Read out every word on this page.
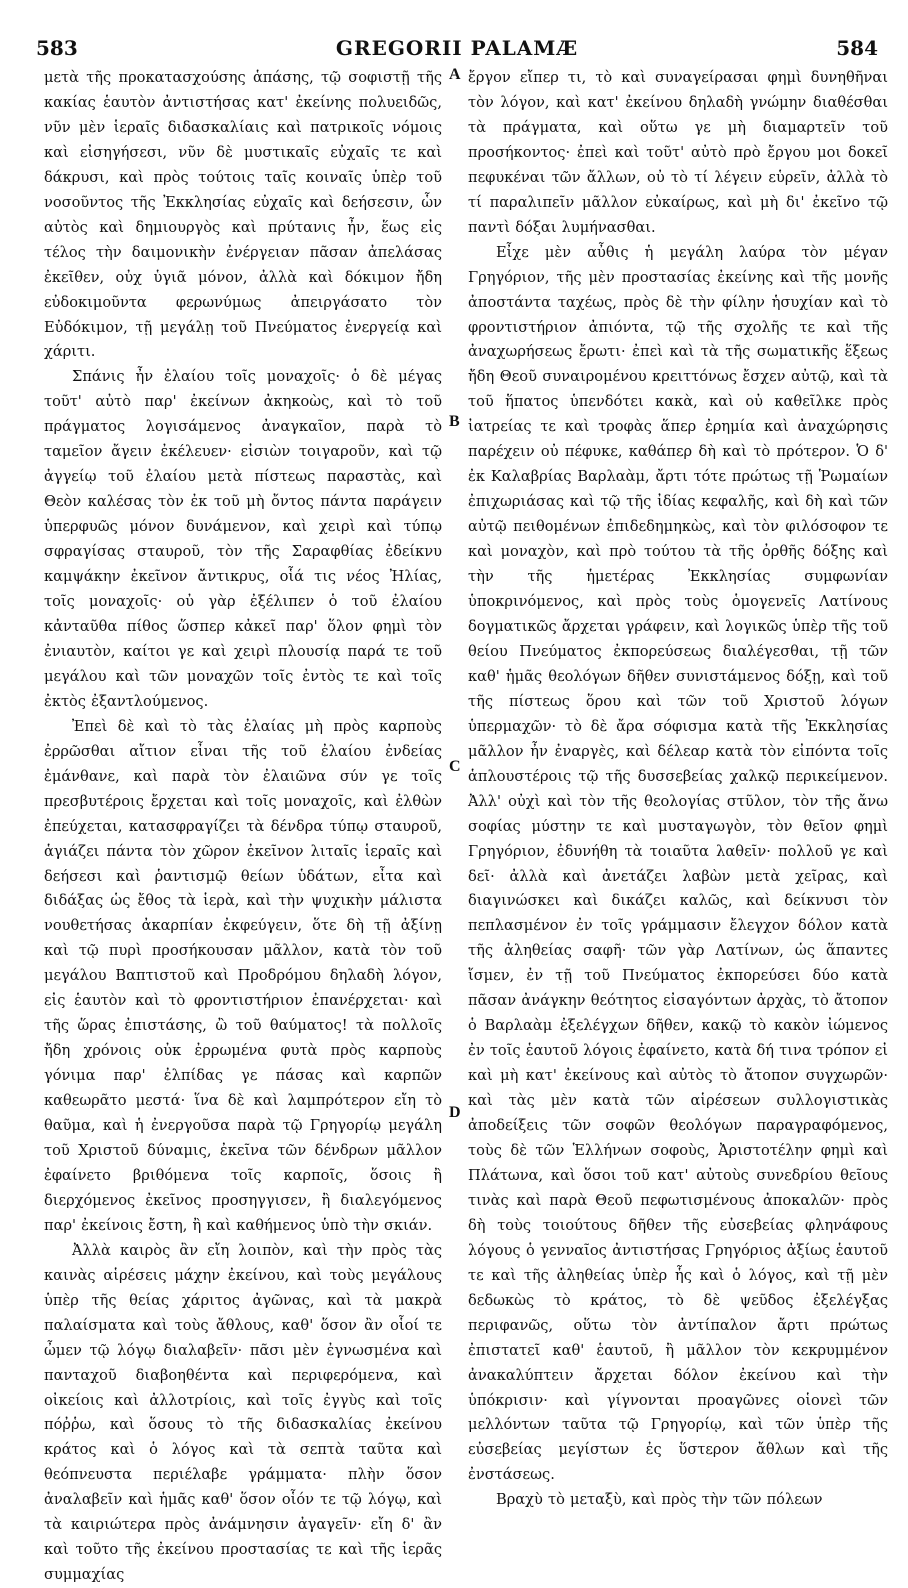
583	GREGORII PALAMÆ	584
A
B
C
D

μετὰ τῆς προκατασχούσης ἁπάσης, τῷ σοφιστῇ τῆς κακίας ἑαυτὸν ἀντιστήσας κατ' ἐκείνης πολυειδῶς, νῦν μὲν ἱεραῖς διδασκαλίαις καὶ πατρικοῖς νόμοις καὶ εἰσηγήσεσι, νῦν δὲ μυστικαῖς εὐχαῖς τε καὶ δάκρυσι, καὶ πρὸς τούτοις ταῖς κοιναῖς ὑπὲρ τοῦ νοσοῦντος τῆς Ἐκκλησίας εὐχαῖς καὶ δεήσεσιν, ὧν αὐτὸς καὶ δημιουργὸς καὶ πρύτανις ἦν, ἕως εἰς τέλος τὴν δαιμονικὴν ἐνέργειαν πᾶσαν ἀπελάσας ἐκεῖθεν, οὐχ ὑγιᾶ μόνον, ἀλλὰ καὶ δόκιμον ἤδη εὐδοκιμοῦντα φερωνύμως ἀπειργάσατο τὸν Εὐδόκιμον, τῇ μεγάλῃ τοῦ Πνεύματος ἐνεργείᾳ καὶ χάριτι.

Σπάνις ἦν ἐλαίου τοῖς μοναχοῖς· ὁ δὲ μέγας τοῦτ' αὐτὸ παρ' ἐκείνων ἀκηκοὼς, καὶ τὸ τοῦ πράγματος λογισάμενος ἀναγκαῖον, παρὰ τὸ ταμεῖον ἄγειν ἐκέλευεν· εἰσιὼν τοιγαροῦν, καὶ τῷ ἀγγείῳ τοῦ ἐλαίου μετὰ πίστεως παραστὰς, καὶ Θεὸν καλέσας τὸν ἐκ τοῦ μὴ ὄντος πάντα παράγειν ὑπερφυῶς μόνον δυνάμενον, καὶ χειρὶ καὶ τύπῳ σφραγίσας σταυροῦ, τὸν τῆς Σαραφθίας ἐδείκνυ καμψάκην ἐκεῖνον ἄντικρυς, οἷά τις νέος Ἠλίας, τοῖς μοναχοῖς· οὐ γὰρ ἐξέλιπεν ὁ τοῦ ἐλαίου κἀνταῦθα πίθος ὥσπερ κἀκεῖ παρ' ὅλον φημὶ τὸν ἐνιαυτὸν, καίτοι γε καὶ χειρὶ πλουσίᾳ παρά τε τοῦ μεγάλου καὶ τῶν μοναχῶν τοῖς ἐντὸς τε καὶ τοῖς ἐκτὸς ἐξαντλούμενος.

Ἐπεὶ δὲ καὶ τὸ τὰς ἐλαίας μὴ πρὸς καρποὺς ἐρρῶσθαι αἴτιον εἶναι τῆς τοῦ ἐλαίου ἐνδείας ἐμάνθανε, καὶ παρὰ τὸν ἐλαιῶνα σύν γε τοῖς πρεσβυτέροις ἔρχεται καὶ τοῖς μοναχοῖς, καὶ ἐλθὼν ἐπεύχεται, κατασφραγίζει τὰ δένδρα τύπῳ σταυροῦ, ἁγιάζει πάντα τὸν χῶρον ἐκεῖνον λιταῖς ἱεραῖς καὶ δεήσεσι καὶ ῥαντισμῷ θείων ὑδάτων, εἶτα καὶ διδάξας ὡς ἔθος τὰ ἱερὰ, καὶ τὴν ψυχικὴν μάλιστα νουθετήσας ἀκαρπίαν ἐκφεύγειν, ὅτε δὴ τῇ ἀξίνῃ καὶ τῷ πυρὶ προσήκουσαν μᾶλλον, κατὰ τὸν τοῦ μεγάλου Βαπτιστοῦ καὶ Προδρόμου δηλαδὴ λόγον, εἰς ἑαυτὸν καὶ τὸ φροντιστήριον ἐπανέρχεται· καὶ τῆς ὥρας ἐπιστάσης, ὢ τοῦ θαύματος! τὰ πολλοῖς ἤδη χρόνοις οὐκ ἐρρωμένα φυτὰ πρὸς καρποὺς γόνιμα παρ' ἐλπίδας γε πάσας καὶ καρπῶν καθεωρᾶτο μεστά· ἵνα δὲ καὶ λαμπρότερον εἴη τὸ θαῦμα, καὶ ἡ ἐνεργοῦσα παρὰ τῷ Γρηγορίῳ μεγάλη τοῦ Χριστοῦ δύναμις, ἐκεῖνα τῶν δένδρων μᾶλλον ἐφαίνετο βριθόμενα τοῖς καρποῖς, ὅσοις ἢ διερχόμενος ἐκεῖνος προσηγγισεν, ἢ διαλεγόμενος παρ' ἐκείνοις ἔστη, ἢ καὶ καθήμενος ὑπὸ τὴν σκιάν.

Ἀλλὰ καιρὸς ἂν εἴη λοιπὸν, καὶ τὴν πρὸς τὰς καινὰς αἱρέσεις μάχην ἐκείνου, καὶ τοὺς μεγάλους ὑπὲρ τῆς θείας χάριτος ἀγῶνας, καὶ τὰ μακρὰ παλαίσματα καὶ τοὺς ἄθλους, καθ' ὅσον ἂν οἷοί τε ὦμεν τῷ λόγῳ διαλαβεῖν· πᾶσι μὲν ἐγνωσμένα καὶ πανταχοῦ διαβοηθέντα καὶ περιφερόμενα, καὶ οἰκείοις καὶ ἀλλοτρίοις, καὶ τοῖς ἐγγὺς καὶ τοῖς πόῤῥω, καὶ ὅσους τὸ τῆς διδασκαλίας ἐκείνου κράτος καὶ ὁ λόγος καὶ τὰ σεπτὰ ταῦτα καὶ θεόπνευστα περιέλαβε γράμματα· πλὴν ὅσον ἀναλαβεῖν καὶ ἡμᾶς καθ' ὅσον οἷόν τε τῷ λόγῳ, καὶ τὰ καιριώτερα πρὸς ἀνάμνησιν ἀγαγεῖν· εἴη δ' ἂν καὶ τοῦτο τῆς ἐκείνου προστασίας τε καὶ τῆς ἱερᾶς συμμαχίας

ἔργον εἴπερ τι, τὸ καὶ συναγείρασαι φημὶ δυνηθῆναι τὸν λόγον, καὶ κατ' ἐκείνου δηλαδὴ γνώμην διαθέσθαι τὰ πράγματα, καὶ οὕτω γε μὴ διαμαρτεῖν τοῦ προσήκοντος· ἐπεὶ καὶ τοῦτ' αὐτὸ πρὸ ἔργου μοι δοκεῖ πεφυκέναι τῶν ἄλλων, οὐ τὸ τί λέγειν εὑρεῖν, ἀλλὰ τὸ τί παραλιπεῖν μᾶλλον εὐκαίρως, καὶ μὴ δι' ἐκεῖνο τῷ παντὶ δόξαι λυμήνασθαι.

Εἶχε μὲν αὖθις ἡ μεγάλη λαύρα τὸν μέγαν Γρηγόριον, τῆς μὲν προστασίας ἐκείνης καὶ τῆς μονῆς ἀποστάντα ταχέως, πρὸς δὲ τὴν φίλην ἡσυχίαν καὶ τὸ φροντιστήριον ἀπιόντα, τῷ τῆς σχολῆς τε καὶ τῆς ἀναχωρήσεως ἔρωτι· ἐπεὶ καὶ τὰ τῆς σωματικῆς ἕξεως ἤδη Θεοῦ συναιρομένου κρειττόνως ἔσχεν αὐτῷ, καὶ τὰ τοῦ ἥπατος ὑπενδότει κακὰ, καὶ οὐ καθεῖλκε πρὸς ἰατρείας τε καὶ τροφὰς ἅπερ ἐρημία καὶ ἀναχώρησις παρέχειν οὐ πέφυκε, καθάπερ δὴ καὶ τὸ πρότερον. Ὁ δ' ἐκ Καλαβρίας Βαρλαὰμ, ἄρτι τότε πρώτως τῇ Ῥωμαίων ἐπιχωριάσας καὶ τῷ τῆς ἰδίας κεφαλῆς, καὶ δὴ καὶ τῶν αὐτῷ πειθομένων ἐπιδεδημηκὼς, καὶ τὸν φιλόσοφον τε καὶ μοναχὸν, καὶ πρὸ τούτου τὰ τῆς ὀρθῆς δόξης καὶ τὴν τῆς ἡμετέρας Ἐκκλησίας συμφωνίαν ὑποκρινόμενος, καὶ πρὸς τοὺς ὁμογενεῖς Λατίνους δογματικῶς ἄρχεται γράφειν, καὶ λογικῶς ὑπὲρ τῆς τοῦ θείου Πνεύματος ἐκπορεύσεως διαλέγεσθαι, τῇ τῶν καθ' ἡμᾶς θεολόγων δῆθεν συνιστάμενος δόξῃ, καὶ τοῦ τῆς πίστεως ὅρου καὶ τῶν τοῦ Χριστοῦ λόγων ὑπερμαχῶν· τὸ δὲ ἄρα σόφισμα κατὰ τῆς Ἐκκλησίας μᾶλλον ἦν ἐναργὲς, καὶ δέλεαρ κατὰ τὸν εἰπόντα τοῖς ἁπλουστέροις τῷ τῆς δυσσεβείας χαλκῷ περικείμενον. Ἀλλ' οὐχὶ καὶ τὸν τῆς θεολογίας στῦλον, τὸν τῆς ἄνω σοφίας μύστην τε καὶ μυσταγωγὸν, τὸν θεῖον φημὶ Γρηγόριον, ἐδυνήθη τὰ τοιαῦτα λαθεῖν· πολλοῦ γε καὶ δεῖ· ἀλλὰ καὶ ἀνετάζει λαβὼν μετὰ χεῖρας, καὶ διαγινώσκει καὶ δικάζει καλῶς, καὶ δείκνυσι τὸν πεπλασμένον ἐν τοῖς γράμμασιν ἔλεγχον δόλον κατὰ τῆς ἀληθείας σαφῆ· τῶν γὰρ Λατίνων, ὡς ἅπαντες ἴσμεν, ἐν τῇ τοῦ Πνεύματος ἐκπορεύσει δύο κατὰ πᾶσαν ἀνάγκην θεότητος εἰσαγόντων ἀρχὰς, τὸ ἄτοπον ὁ Βαρλαὰμ ἐξελέγχων δῆθεν, κακῷ τὸ κακὸν ἰώμενος ἐν τοῖς ἑαυτοῦ λόγοις ἐφαίνετο, κατὰ δή τινα τρόπον εἰ καὶ μὴ κατ' ἐκείνους καὶ αὐτὸς τὸ ἄτοπον συγχωρῶν· καὶ τὰς μὲν κατὰ τῶν αἱρέσεων συλλογιστικὰς ἀποδείξεις τῶν σοφῶν θεολόγων παραγραφόμενος, τοὺς δὲ τῶν Ἑλλήνων σοφοὺς, Ἀριστοτέλην φημὶ καὶ Πλάτωνα, καὶ ὅσοι τοῦ κατ' αὐτοὺς συνεδρίου θεῖους τινὰς καὶ παρὰ Θεοῦ πεφωτισμένους ἀποκαλῶν· πρὸς δὴ τοὺς τοιούτους δῆθεν τῆς εὐσεβείας φληνάφους λόγους ὁ γενναῖος ἀντιστήσας Γρηγόριος ἀξίως ἑαυτοῦ τε καὶ τῆς ἀληθείας ὑπὲρ ἧς καὶ ὁ λόγος, καὶ τῇ μὲν δεδωκὼς τὸ κράτος, τὸ δὲ ψεῦδος ἐξελέγξας περιφανῶς, οὕτω τὸν ἀντίπαλον ἄρτι πρώτως ἐπιστατεῖ καθ' ἑαυτοῦ, ἢ μᾶλλον τὸν κεκρυμμένον ἀνακαλύπτειν ἄρχεται δόλον ἐκείνου καὶ τὴν ὑπόκρισιν· καὶ γίγνονται προαγῶνες οἱονεὶ τῶν μελλόντων ταῦτα τῷ Γρηγορίῳ, καὶ τῶν ὑπὲρ τῆς εὐσεβείας μεγίστων ἐς ὕστερον ἄθλων καὶ τῆς ἐνστάσεως.

Βραχὺ τὸ μεταξὺ, καὶ πρὸς τὴν τῶν πόλεων
